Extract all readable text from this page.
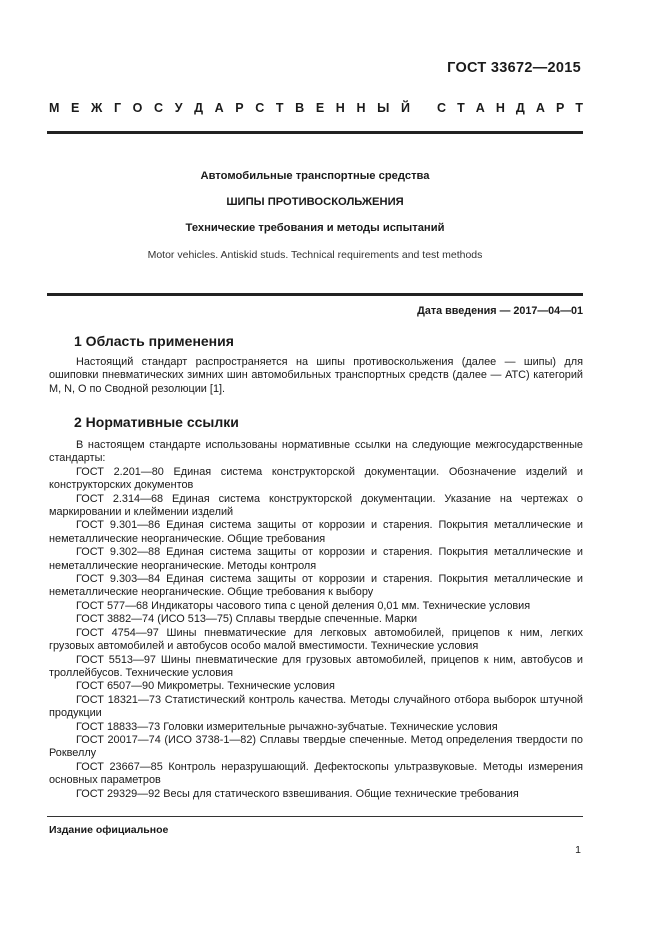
ГОСТ 33672—2015
М Е Ж Г О С У Д А Р С Т В Е Н Н Ы Й С Т А Н Д А Р Т
Автомобильные транспортные средства
ШИПЫ ПРОТИВОСКОЛЬЖЕНИЯ
Технические требования и методы испытаний
Motor vehicles. Antiskid studs. Technical requirements and test methods
Дата введения — 2017—04—01
1 Область применения

Настоящий стандарт распространяется на шипы противоскольжения (далее — шипы) для ошиповки пневматических зимних шин автомобильных транспортных средств (далее — АТС) категорий М, N, О по Сводной резолюции [1].

2 Нормативные ссылки

В настоящем стандарте использованы нормативные ссылки на следующие межгосударственные стандарты:

ГОСТ 2.201—80 Единая система конструкторской документации. Обозначение изделий и конструкторских документов

ГОСТ 2.314—68 Единая система конструкторской документации. Указание на чертежах о маркировании и клеймении изделий

ГОСТ 9.301—86 Единая система защиты от коррозии и старения. Покрытия металлические и неметаллические неорганические. Общие требования

ГОСТ 9.302—88 Единая система защиты от коррозии и старения. Покрытия металлические и неметаллические неорганические. Методы контроля

ГОСТ 9.303—84 Единая система защиты от коррозии и старения. Покрытия металлические и неметаллические неорганические. Общие требования к выбору

ГОСТ 577—68 Индикаторы часового типа с ценой деления 0,01 мм. Технические условия

ГОСТ 3882—74 (ИСО 513—75) Сплавы твердые спеченные. Марки

ГОСТ 4754—97 Шины пневматические для легковых автомобилей, прицепов к ним, легких грузовых автомобилей и автобусов особо малой вместимости. Технические условия

ГОСТ 5513—97 Шины пневматические для грузовых автомобилей, прицепов к ним, автобусов и троллейбусов. Технические условия

ГОСТ 6507—90 Микрометры. Технические условия

ГОСТ 18321—73 Статистический контроль качества. Методы случайного отбора выборок штучной продукции

ГОСТ 18833—73 Головки измерительные рычажно-зубчатые. Технические условия

ГОСТ 20017—74 (ИСО 3738-1—82) Сплавы твердые спеченные. Метод определения твердости по Роквеллу

ГОСТ 23667—85 Контроль неразрушающий. Дефектоскопы ультразвуковые. Методы измерения основных параметров

ГОСТ 29329—92 Весы для статического взвешивания. Общие технические требования

Издание официальное
1
